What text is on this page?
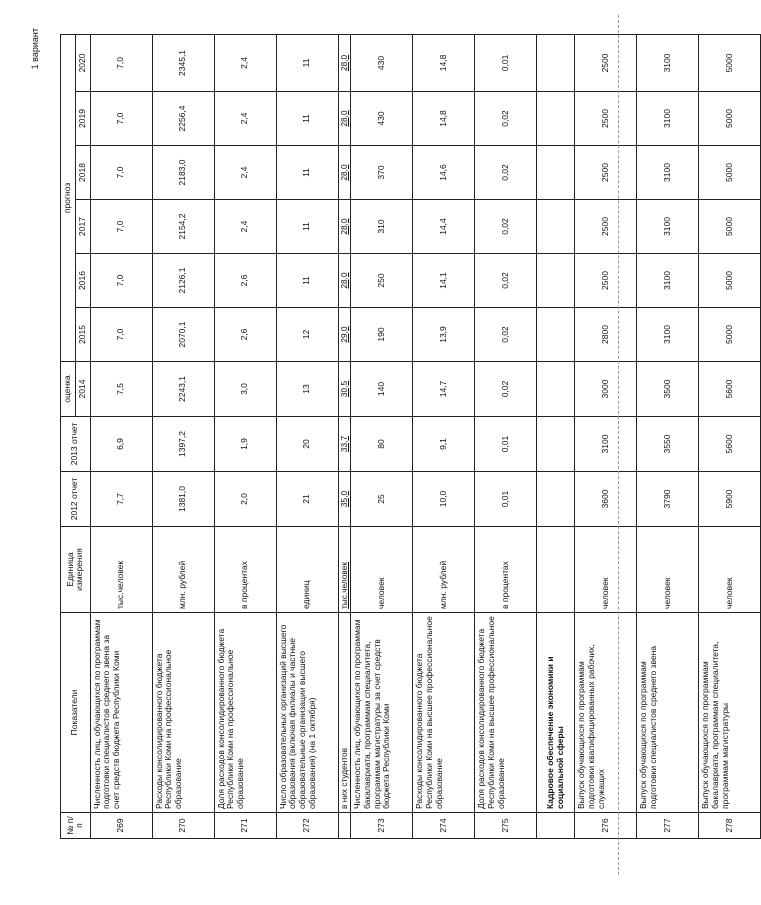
1 вариант
№ п/п	Показатели	Единица измерения	2012 отчет	2013 отчет	оценка	прогноз					
					2014	2015	2016	2017	2018	2019	2020
269	Численность лиц, обучающихся по программам подготовки специалистов среднего звена за счет средств бюджета Республики Коми	тыс.человек	7,7	6,9	7,5	7,0	7,0	7,0	7,0	7,0	7,0
270	Расходы консолидированного бюджета Республики Коми на профессиональное образование	млн. рублей	1381,0	1397,2	2243,1	2070,1	2126,1	2154,2	2183,0	2256,4	2345,1
271	Доля расходов консолидированного бюджета Республики Коми на профессиональное образование	в процентах	2,0	1,9	3,0	2,6	2,6	2,4	2,4	2,4	2,4
272	Число образовательных организаций высшего образования (включая филиалы и частные образовательные организации высшего образования) (на 1 октября)	единиц	21	20	13	12	11	11	11	11	11
	в них студентов	тыс.человек	35,0	33,7	30,5	29,0	28,0	28,0	28,0	28,0	28,0
273	Численность лиц, обучающихся по программам бакалавриата, программам специалитета, программам магистратуры за счет средств бюджета Республики Коми	человек	25	80	140	190	250	310	370	430	430
274	Расходы консолидированного бюджета Республики Коми на высшее профессиональное образование	млн. рублей	10,0	9,1	14,7	13,9	14,1	14,4	14,6	14,8	14,8
275	Доля расходов консолидированного бюджета Республики Коми на высшее профессиональное образование	в процентах	0,01	0,01	0,02	0,02	0,02	0,02	0,02	0,02	0,01
	Кадровое обеспечение экономики и социальной сферы										
276	Выпуск обучающихся по программам подготовки квалифицированных рабочих, служащих	человек	3600	3100	3000	2800	2500	2500	2500	2500	2500
277	Выпуск обучающихся по программам подготовки специалистов среднего звена	человек	3790	3550	3500	3100	3100	3100	3100	3100	3100
278	Выпуск обучающихся по программам бакалавриата, программам специалитета, программам магистратуры	человек	5900	5600	5600	5000	5000	5000	5000	5000	5000
